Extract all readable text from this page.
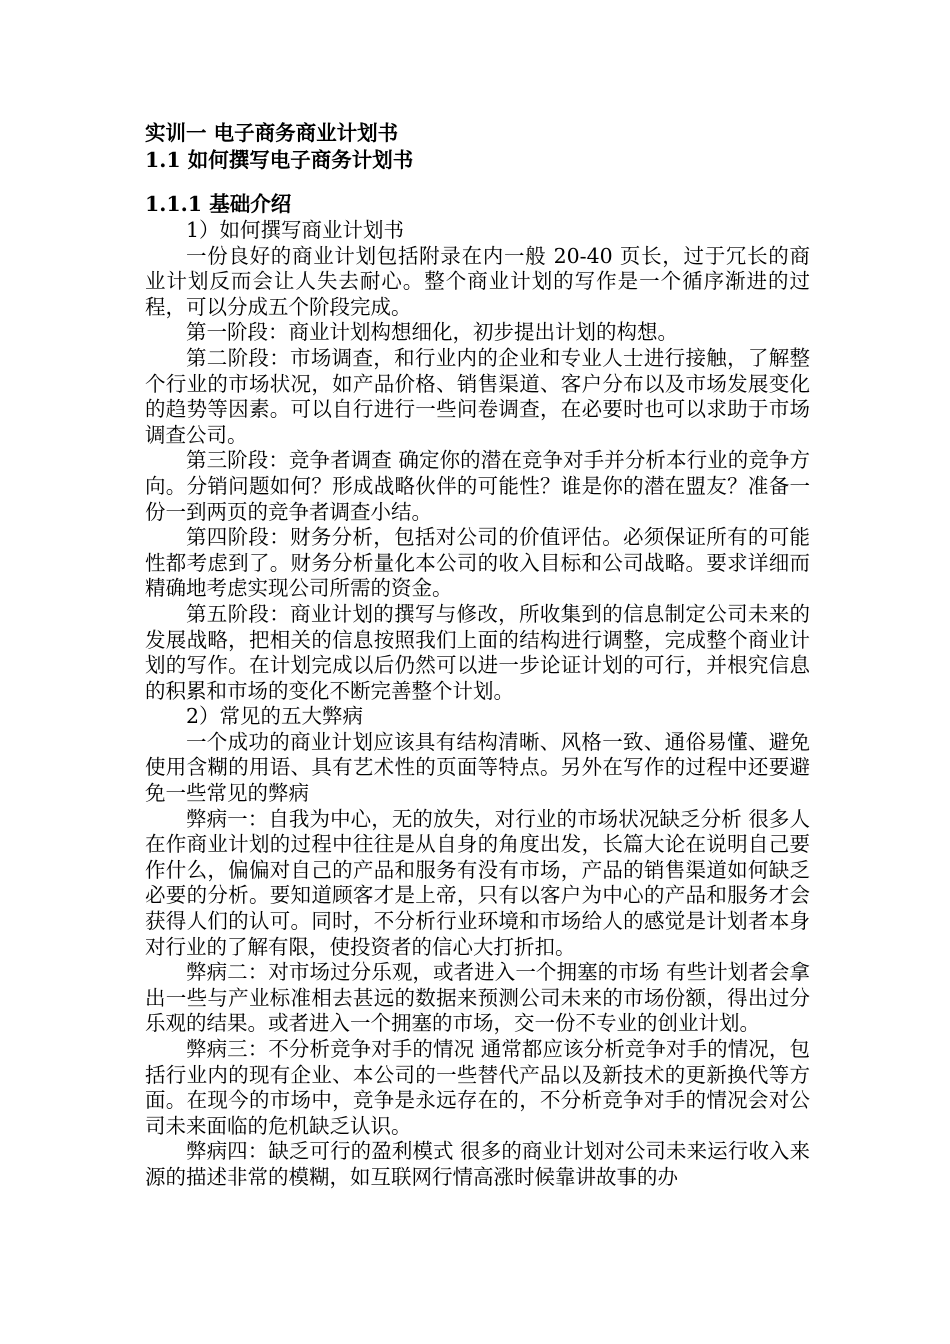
实训一 电子商务商业计划书
1.1 如何撰写电子商务计划书
1.1.1 基础介绍

1）如何撰写商业计划书

一份良好的商业计划包括附录在内一般 20-40 页长，过于冗长的商业计划反而会让人失去耐心。整个商业计划的写作是一个循序渐进的过程，可以分成五个阶段完成。

第一阶段：商业计划构想细化，初步提出计划的构想。

第二阶段：市场调查，和行业内的企业和专业人士进行接触，了解整个行业的市场状况，如产品价格、销售渠道、客户分布以及市场发展变化的趋势等因素。可以自行进行一些问卷调查，在必要时也可以求助于市场调查公司。

第三阶段：竞争者调查 确定你的潜在竞争对手并分析本行业的竞争方向。分销问题如何？形成战略伙伴的可能性？谁是你的潜在盟友？准备一份一到两页的竞争者调查小结。

第四阶段：财务分析，包括对公司的价值评估。必须保证所有的可能性都考虑到了。财务分析量化本公司的收入目标和公司战略。要求详细而精确地考虑实现公司所需的资金。

第五阶段：商业计划的撰写与修改，所收集到的信息制定公司未来的发展战略，把相关的信息按照我们上面的结构进行调整，完成整个商业计划的写作。在计划完成以后仍然可以进一步论证计划的可行，并根究信息的积累和市场的变化不断完善整个计划。

2）常见的五大弊病

一个成功的商业计划应该具有结构清晰、风格一致、通俗易懂、避免使用含糊的用语、具有艺术性的页面等特点。另外在写作的过程中还要避免一些常见的弊病

弊病一：自我为中心，无的放失，对行业的市场状况缺乏分析 很多人在作商业计划的过程中往往是从自身的角度出发，长篇大论在说明自己要作什么，偏偏对自己的产品和服务有没有市场，产品的销售渠道如何缺乏必要的分析。要知道顾客才是上帝，只有以客户为中心的产品和服务才会获得人们的认可。同时，不分析行业环境和市场给人的感觉是计划者本身对行业的了解有限，使投资者的信心大打折扣。

弊病二：对市场过分乐观，或者进入一个拥塞的市场 有些计划者会拿出一些与产业标准相去甚远的数据来预测公司未来的市场份额，得出过分乐观的结果。或者进入一个拥塞的市场，交一份不专业的创业计划。

弊病三：不分析竞争对手的情况 通常都应该分析竞争对手的情况，包括行业内的现有企业、本公司的一些替代产品以及新技术的更新换代等方面。在现今的市场中，竞争是永远存在的，不分析竞争对手的情况会对公司未来面临的危机缺乏认识。

弊病四：缺乏可行的盈利模式 很多的商业计划对公司未来运行收入来源的描述非常的模糊，如互联网行情高涨时候靠讲故事的办
